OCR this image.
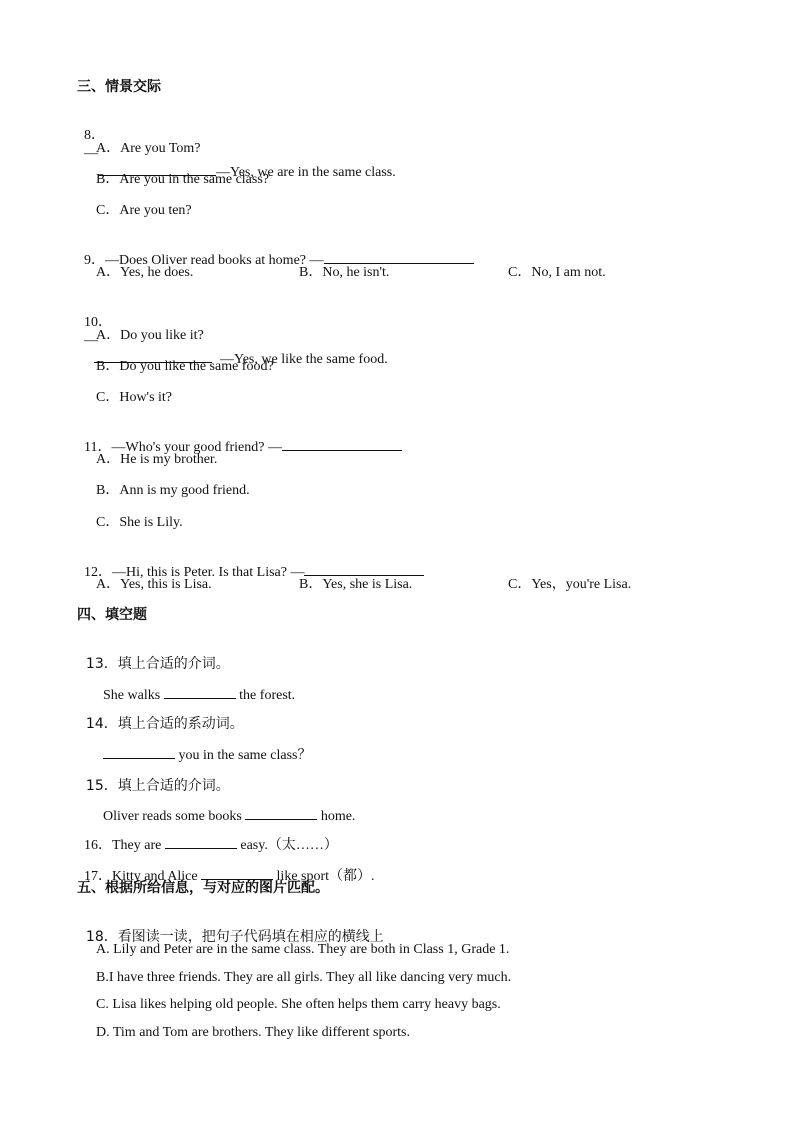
三、情景交际

8．
—
—Yes, we are in the same class.

A．Are you Tom?
B．Are you in the same class?
C．Are you ten?

9．—Does Oliver read books at home? —

A．Yes, he does.	B．No, he isn't.	C．No, I am not.

10．
—
—Yes, we like the same food.

A．Do you like it?
B．Do you like the same food?
C．How's it?

11．—Who's your good friend? —

A．He is my brother.
B．Ann is my good friend.
C．She is Lily.

12．—Hi, this is Peter. Is that Lisa? —

A．Yes, this is Lisa.	B．Yes, she is Lisa.	C．Yes，you're Lisa.
四、填空题

13．填上合适的介词。

She walks	the forest.

14．填上合适的系动词。

you in the same class？

15．填上合适的介词。

Oliver reads some books	home.

16．They are	easy.（太……）

17．Kitty and Alice	like sport（都）.

五、根据所给信息，与对应的图片匹配。

18．看图读一读，把句子代码填在相应的横线上

A. Lily and Peter are in the same class. They are both in Class 1, Grade 1.
B.I have three friends. They are all girls. They all like dancing very much.
C. Lisa likes helping old people. She often helps them carry heavy bags.
D. Tim and Tom are brothers. They like different sports.
